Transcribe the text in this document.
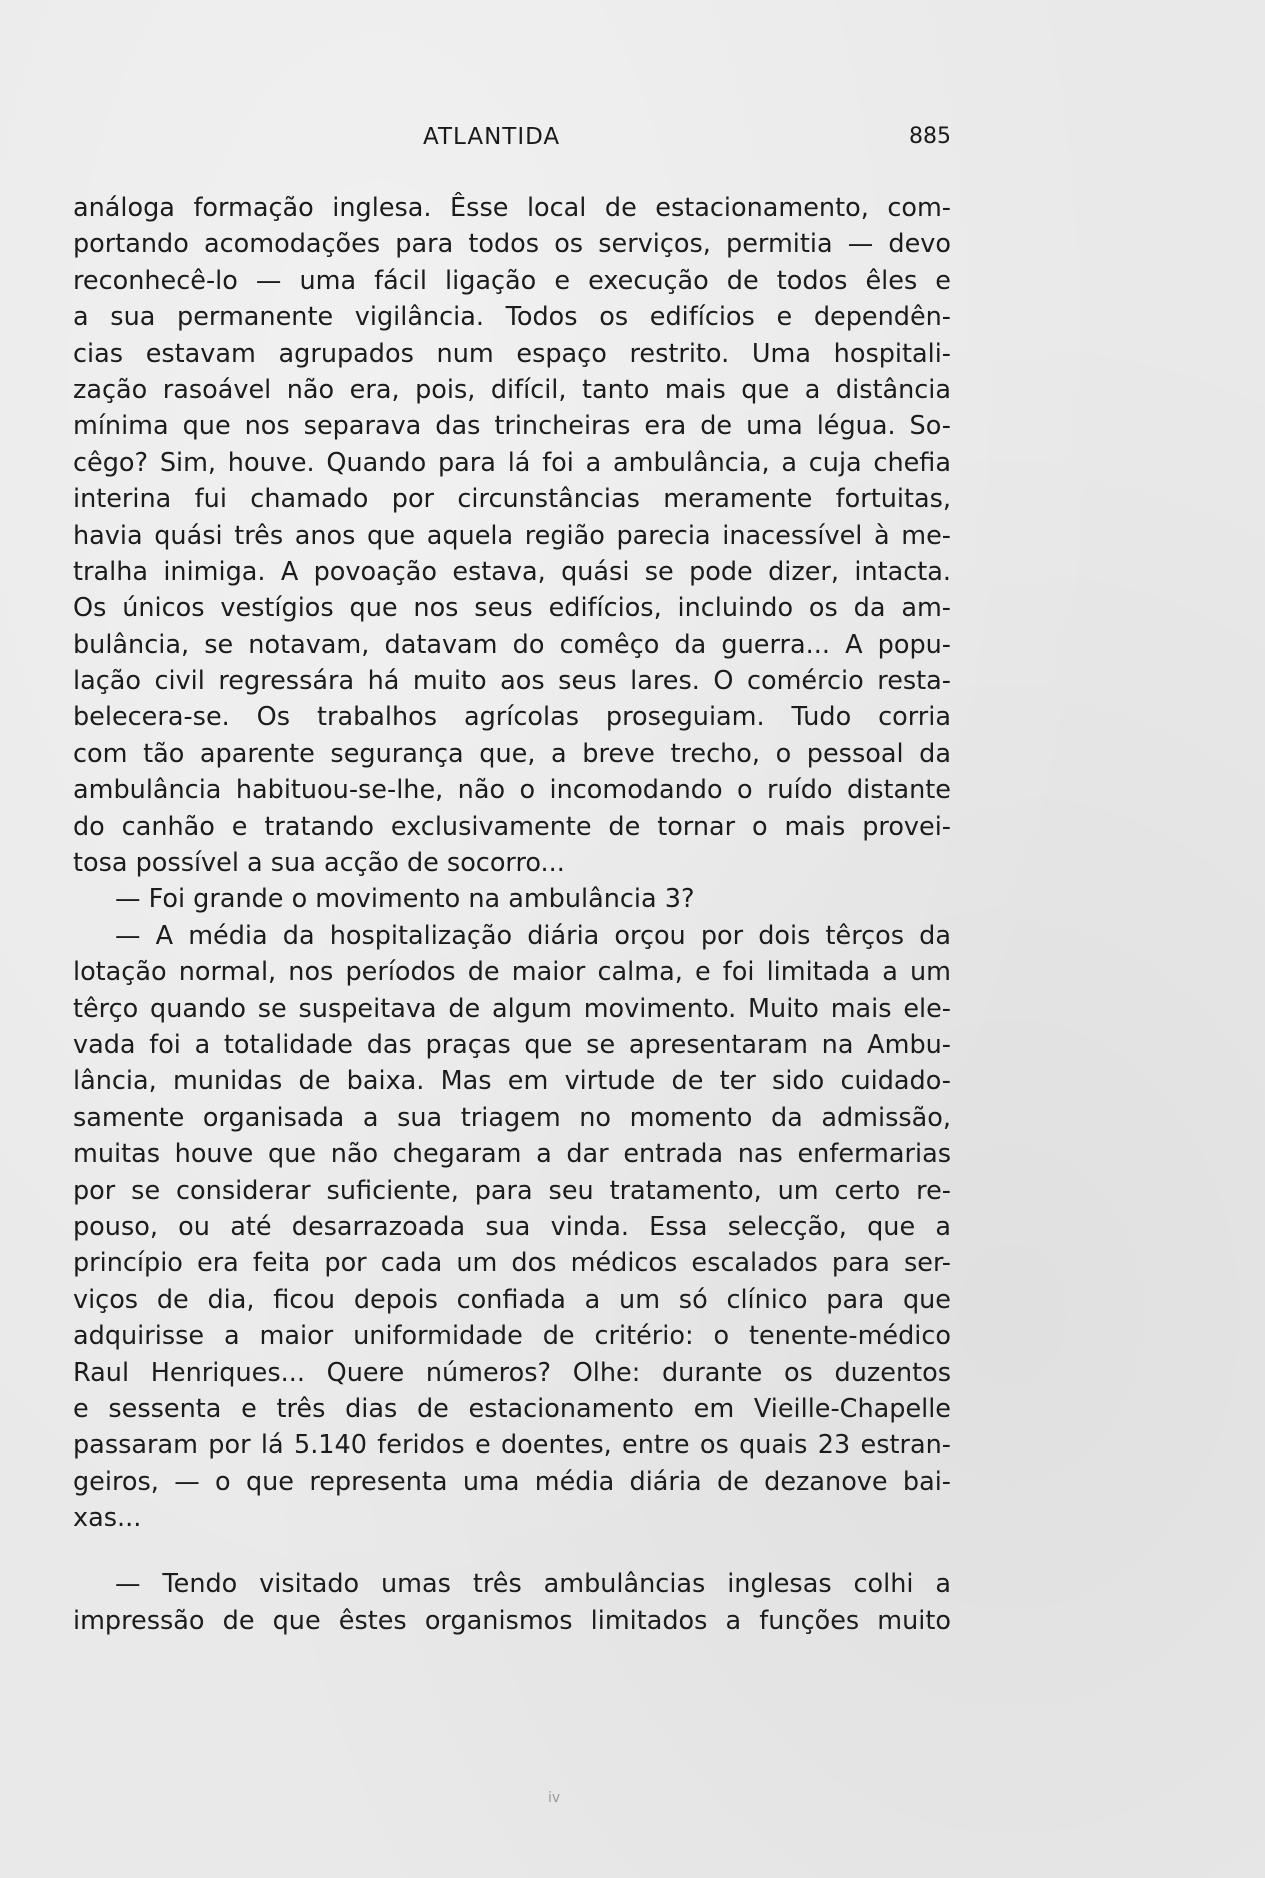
ATLANTIDA	885
análoga formação inglesa. Êsse local de estacionamento, com-
portando acomodações para todos os serviços, permitia — devo
reconhecê-lo — uma fácil ligação e execução de todos êles e
a sua permanente vigilância. Todos os edifícios e dependên-
cias estavam agrupados num espaço restrito. Uma hospitali-
zação rasoável não era, pois, difícil, tanto mais que a distância
mínima que nos separava das trincheiras era de uma légua. So-
cêgo? Sim, houve. Quando para lá foi a ambulância, a cuja chefia
interina fui chamado por circunstâncias meramente fortuitas,
havia quási três anos que aquela região parecia inacessível à me-
tralha inimiga. A povoação estava, quási se pode dizer, intacta.
Os únicos vestígios que nos seus edifícios, incluindo os da am-
bulância, se notavam, datavam do comêço da guerra... A popu-
lação civil regressára há muito aos seus lares. O comércio resta-
belecera-se. Os trabalhos agrícolas proseguiam. Tudo corria
com tão aparente segurança que, a breve trecho, o pessoal da
ambulância habituou-se-lhe, não o incomodando o ruído distante
do canhão e tratando exclusivamente de tornar o mais provei-
tosa possível a sua acção de socorro...
— Foi grande o movimento na ambulância 3?
— A média da hospitalização diária orçou por dois têrços da
lotação normal, nos períodos de maior calma, e foi limitada a um
têrço quando se suspeitava de algum movimento. Muito mais ele-
vada foi a totalidade das praças que se apresentaram na Ambu-
lância, munidas de baixa. Mas em virtude de ter sido cuidado-
samente organisada a sua triagem no momento da admissão,
muitas houve que não chegaram a dar entrada nas enfermarias
por se considerar suficiente, para seu tratamento, um certo re-
pouso, ou até desarrazoada sua vinda. Essa selecção, que a
princípio era feita por cada um dos médicos escalados para ser-
viços de dia, ficou depois confiada a um só clínico para que
adquirisse a maior uniformidade de critério: o tenente-médico
Raul Henriques... Quere números? Olhe: durante os duzentos
e sessenta e três dias de estacionamento em Vieille-Chapelle
passaram por lá 5.140 feridos e doentes, entre os quais 23 estran-
geiros, — o que representa uma média diária de dezanove bai-
xas...
— Tendo visitado umas três ambulâncias inglesas colhi a
impressão de que êstes organismos limitados a funções muito
iv
